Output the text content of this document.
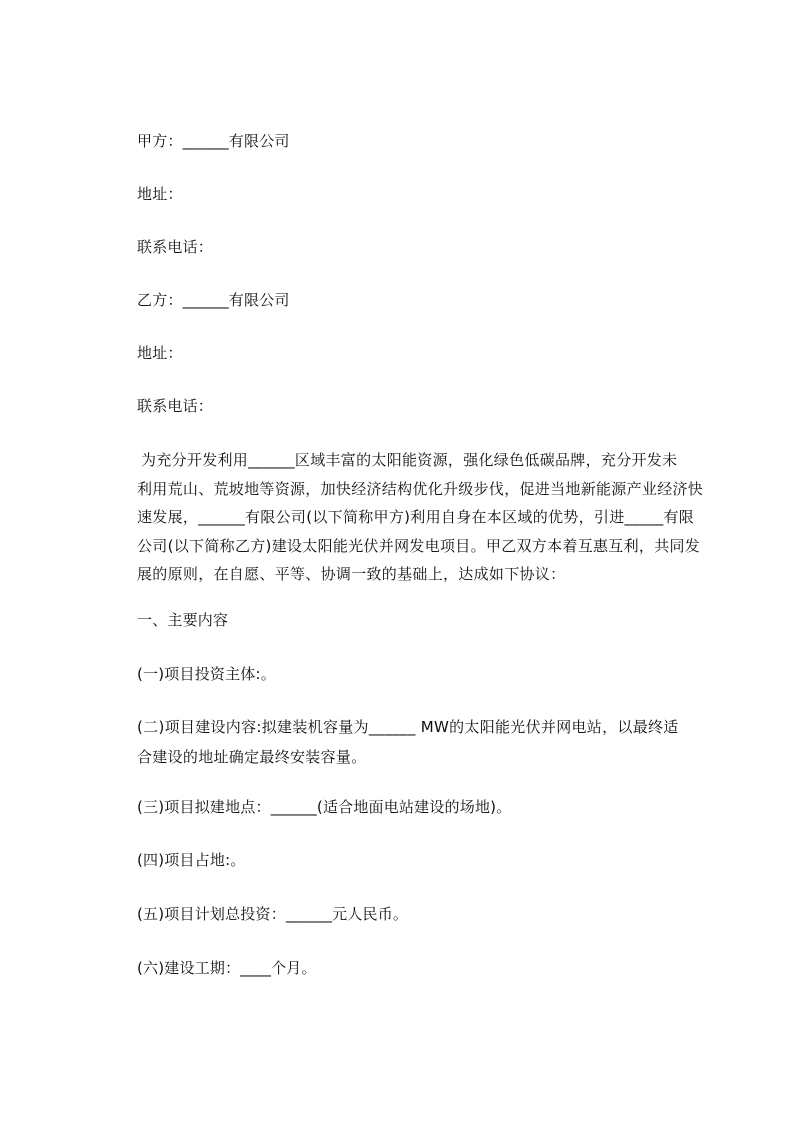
甲方：______有限公司
地址：
联系电话：
乙方：______有限公司
地址：
联系电话：
为充分开发利用______区域丰富的太阳能资源，强化绿色低碳品牌，充分开发未
利用荒山、荒坡地等资源，加快经济结构优化升级步伐，促进当地新能源产业经济快
速发展，______有限公司(以下简称甲方)利用自身在本区域的优势，引进_____有限
公司(以下简称乙方)建设太阳能光伏并网发电项目。甲乙双方本着互惠互利，共同发
展的原则，在自愿、平等、协调一致的基础上，达成如下协议：
一、主要内容
(一)项目投资主体:。
(二)项目建设内容:拟建装机容量为______ MW的太阳能光伏并网电站，以最终适
合建设的地址确定最终安装容量。
(三)项目拟建地点：______(适合地面电站建设的场地)。
(四)项目占地:。
(五)项目计划总投资：______元人民币。
(六)建设工期：____个月。
